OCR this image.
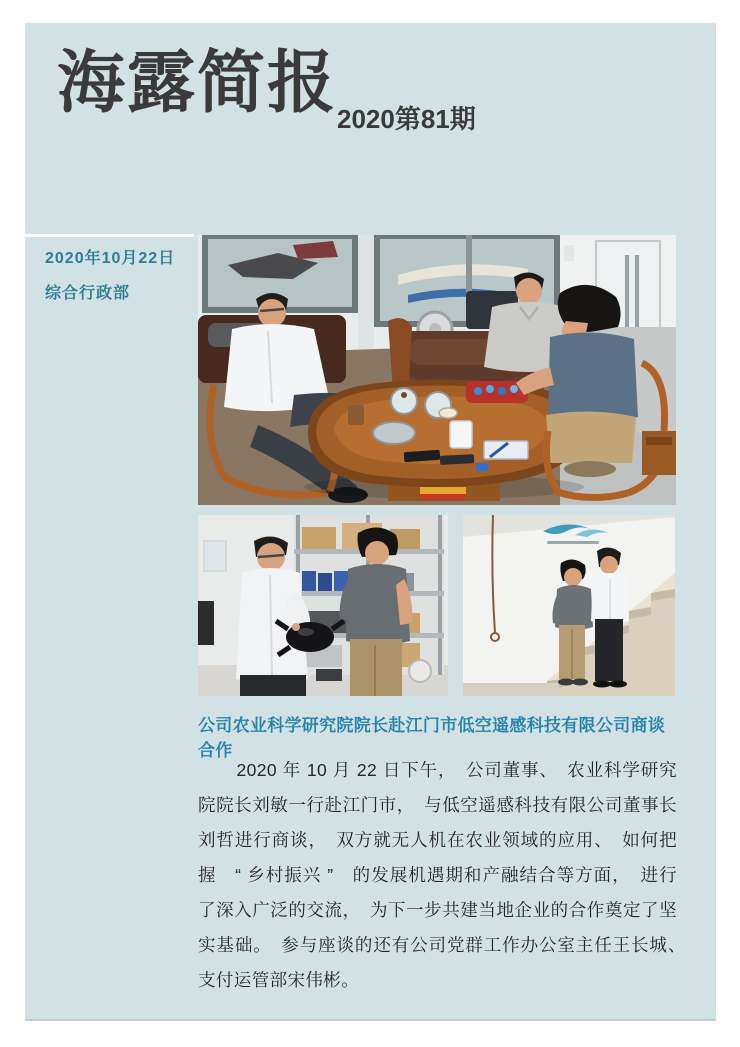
海露简报 2020第81期
2020年10月22日
综合行政部
公司农业科学研究院院长赴江门市低空遥感科技有限公司商谈合作

2020 年 10 月 22 日下午，　公司董事、　农业科学研究院院长刘敏一行赴江门市，　与低空遥感科技有限公司董事长刘哲进行商谈，　双方就无人机在农业领域的应用、　如何把握　“ 乡村振兴 ”　的发展机遇期和产融结合等方面，　进行了深入广泛的交流，　为下一步共建当地企业的合作奠定了坚实基础。　参与座谈的还有公司党群工作办公室主任王长城、　支付运管部宋伟彬。
